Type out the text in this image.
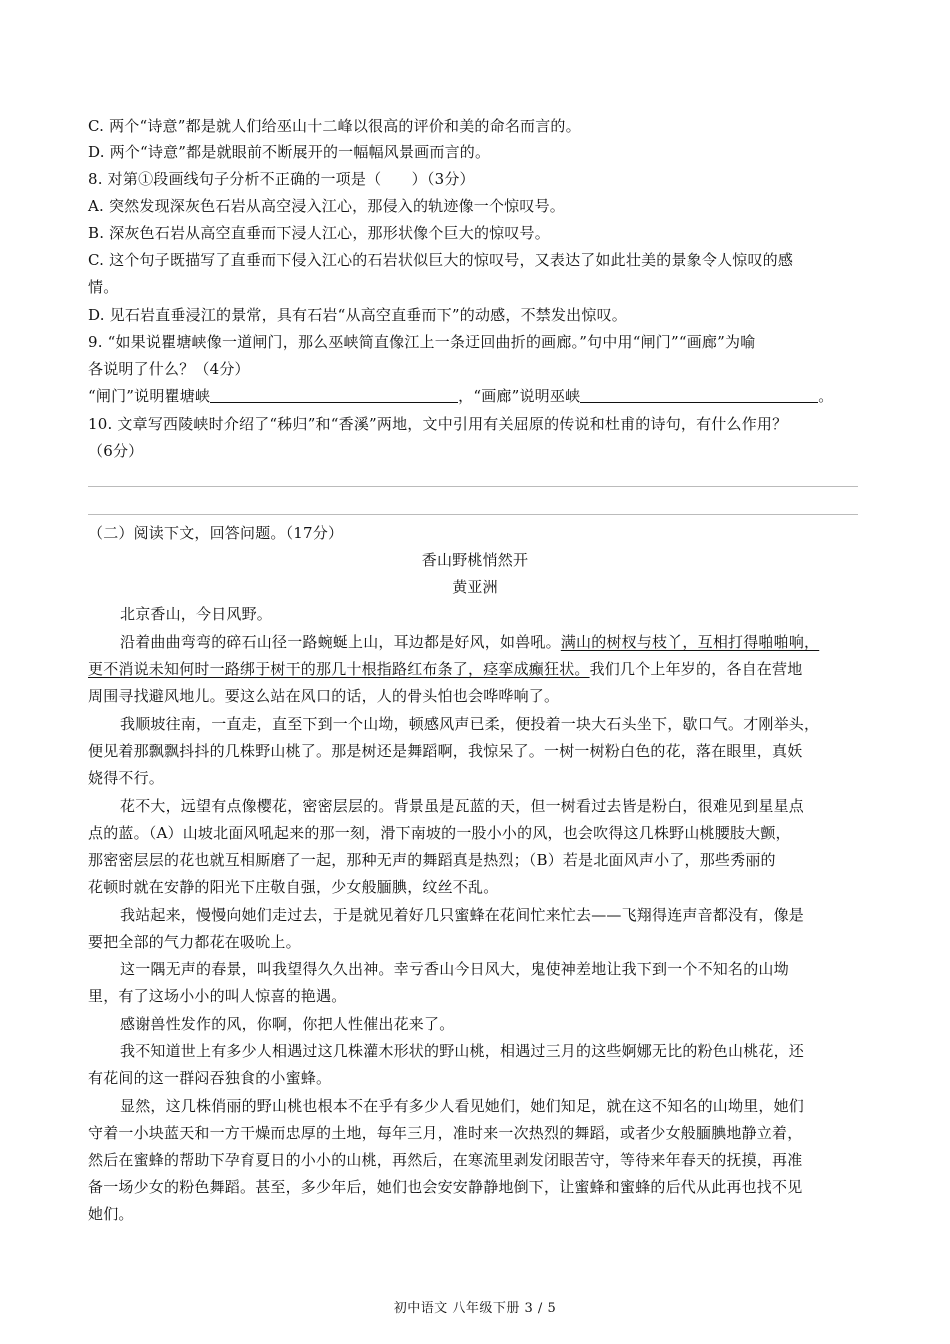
C. 两个“诗意”都是就人们给巫山十二峰以很高的评价和美的命名而言的。
D. 两个“诗意”都是就眼前不断展开的一幅幅风景画而言的。
8. 对第①段画线句子分析不正确的一项是（　　）（3分）
A. 突然发现深灰色石岩从高空浸入江心，那侵入的轨迹像一个惊叹号。
B. 深灰色石岩从高空直垂而下浸人江心，那形状像个巨大的惊叹号。
C. 这个句子既描写了直垂而下侵入江心的石岩状似巨大的惊叹号，又表达了如此壮美的景象令人惊叹的感
情。
D. 见石岩直垂浸江的景常，具有石岩“从高空直垂而下”的动感，不禁发出惊叹。
9. “如果说瞿塘峡像一道闸门，那么巫峡简直像江上一条迂回曲折的画廊。”句中用“闸门”“画廊”为喻
各说明了什么？（4分）
“闸门”说明瞿塘峡	，“画廊”说明巫峡	。
10. 文章写西陵峡时介绍了“秭归”和“香溪”两地，文中引用有关屈原的传说和杜甫的诗句，有什么作用？
（6分）
（二）阅读下文，回答问题。（17分）
香山野桃悄然开
黄亚洲
北京香山，今日风野。
沿着曲曲弯弯的碎石山径一路蜿蜒上山，耳边都是好风，如兽吼。满山的树杈与枝丫，互相打得啪啪响，
更不消说未知何时一路绑于树干的那几十根指路红布条了，痉挛成癫狂状。我们几个上年岁的，各自在营地
周围寻找避风地儿。要这么站在风口的话，人的骨头怕也会哗哗响了。
我顺坡往南，一直走，直至下到一个山坳，顿感风声已柔，便投着一块大石头坐下，歇口气。才刚举头，
便见着那飘飘抖抖的几株野山桃了。那是树还是舞蹈啊，我惊呆了。一树一树粉白色的花，落在眼里，真妖
娆得不行。
花不大，远望有点像樱花，密密层层的。背景虽是瓦蓝的天，但一树看过去皆是粉白，很难见到星星点
点的蓝。（A）山坡北面风吼起来的那一刻，滑下南坡的一股小小的风，也会吹得这几株野山桃腰肢大颤，
那密密层层的花也就互相厮磨了一起，那种无声的舞蹈真是热烈；（B）若是北面风声小了，那些秀丽的
花顿时就在安静的阳光下庄敬自强，少女般腼腆，纹丝不乱。
我站起来，慢慢向她们走过去，于是就见着好几只蜜蜂在花间忙来忙去——飞翔得连声音都没有，像是
要把全部的气力都花在吸吮上。
这一隅无声的春景，叫我望得久久出神。幸亏香山今日风大，鬼使神差地让我下到一个不知名的山坳
里，有了这场小小的叫人惊喜的艳遇。
感谢兽性发作的风，你啊，你把人性催出花来了。
我不知道世上有多少人相遇过这几株灌木形状的野山桃，相遇过三月的这些婀娜无比的粉色山桃花，还
有花间的这一群闷吞独食的小蜜蜂。
显然，这几株俏丽的野山桃也根本不在乎有多少人看见她们，她们知足，就在这不知名的山坳里，她们
守着一小块蓝天和一方干燥而忠厚的土地，每年三月，准时来一次热烈的舞蹈，或者少女般腼腆地静立着，
然后在蜜蜂的帮助下孕育夏日的小小的山桃，再然后，在寒流里剥发闭眼苦守，等待来年春天的抚摸，再准
备一场少女的粉色舞蹈。甚至，多少年后，她们也会安安静静地倒下，让蜜蜂和蜜蜂的后代从此再也找不见
她们。
初中语文 八年级下册 3 / 5
